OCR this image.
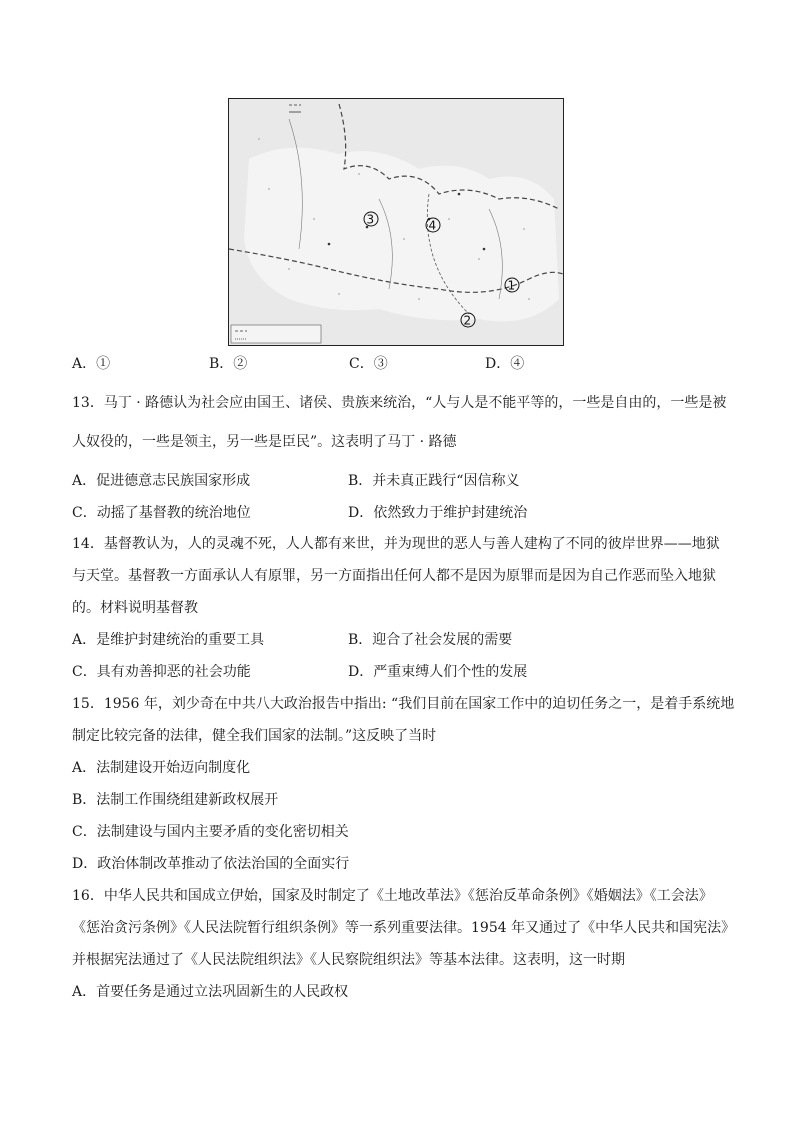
3	4
1
2
A．①	B．②	C．③	D．④
13．马丁 · 路德认为社会应由国王、诸侯、贵族来统治，“人与人是不能平等的，一些是自由的，一些是被
人奴役的，一些是领主，另一些是臣民”。这表明了马丁 · 路德
A．促进德意志民族国家形成	B．并未真正践行“因信称义
C．动摇了基督教的统治地位	D．依然致力于维护封建统治
14．基督教认为，人的灵魂不死，人人都有来世，并为现世的恶人与善人建构了不同的彼岸世界——地狱
与天堂。基督教一方面承认人有原罪，另一方面指出任何人都不是因为原罪而是因为自己作恶而坠入地狱
的。材料说明基督教
A．是维护封建统治的重要工具	B．迎合了社会发展的需要
C．具有劝善抑恶的社会功能	D．严重束缚人们个性的发展
15．1956 年，刘少奇在中共八大政治报告中指出: “我们目前在国家工作中的迫切任务之一，是着手系统地
制定比较完备的法律，健全我们国家的法制。”这反映了当时
A．法制建设开始迈向制度化
B．法制工作围绕组建新政权展开
C．法制建设与国内主要矛盾的变化密切相关
D．政治体制改革推动了依法治国的全面实行
16．中华人民共和国成立伊始，国家及时制定了《土地改革法》《惩治反革命条例》《婚姻法》《工会法》
《惩治贪污条例》《人民法院暂行组织条例》等一系列重要法律。1954 年又通过了《中华人民共和国宪法》
并根据宪法通过了《人民法院组织法》《人民察院组织法》等基本法律。这表明，这一时期
A．首要任务是通过立法巩固新生的人民政权
